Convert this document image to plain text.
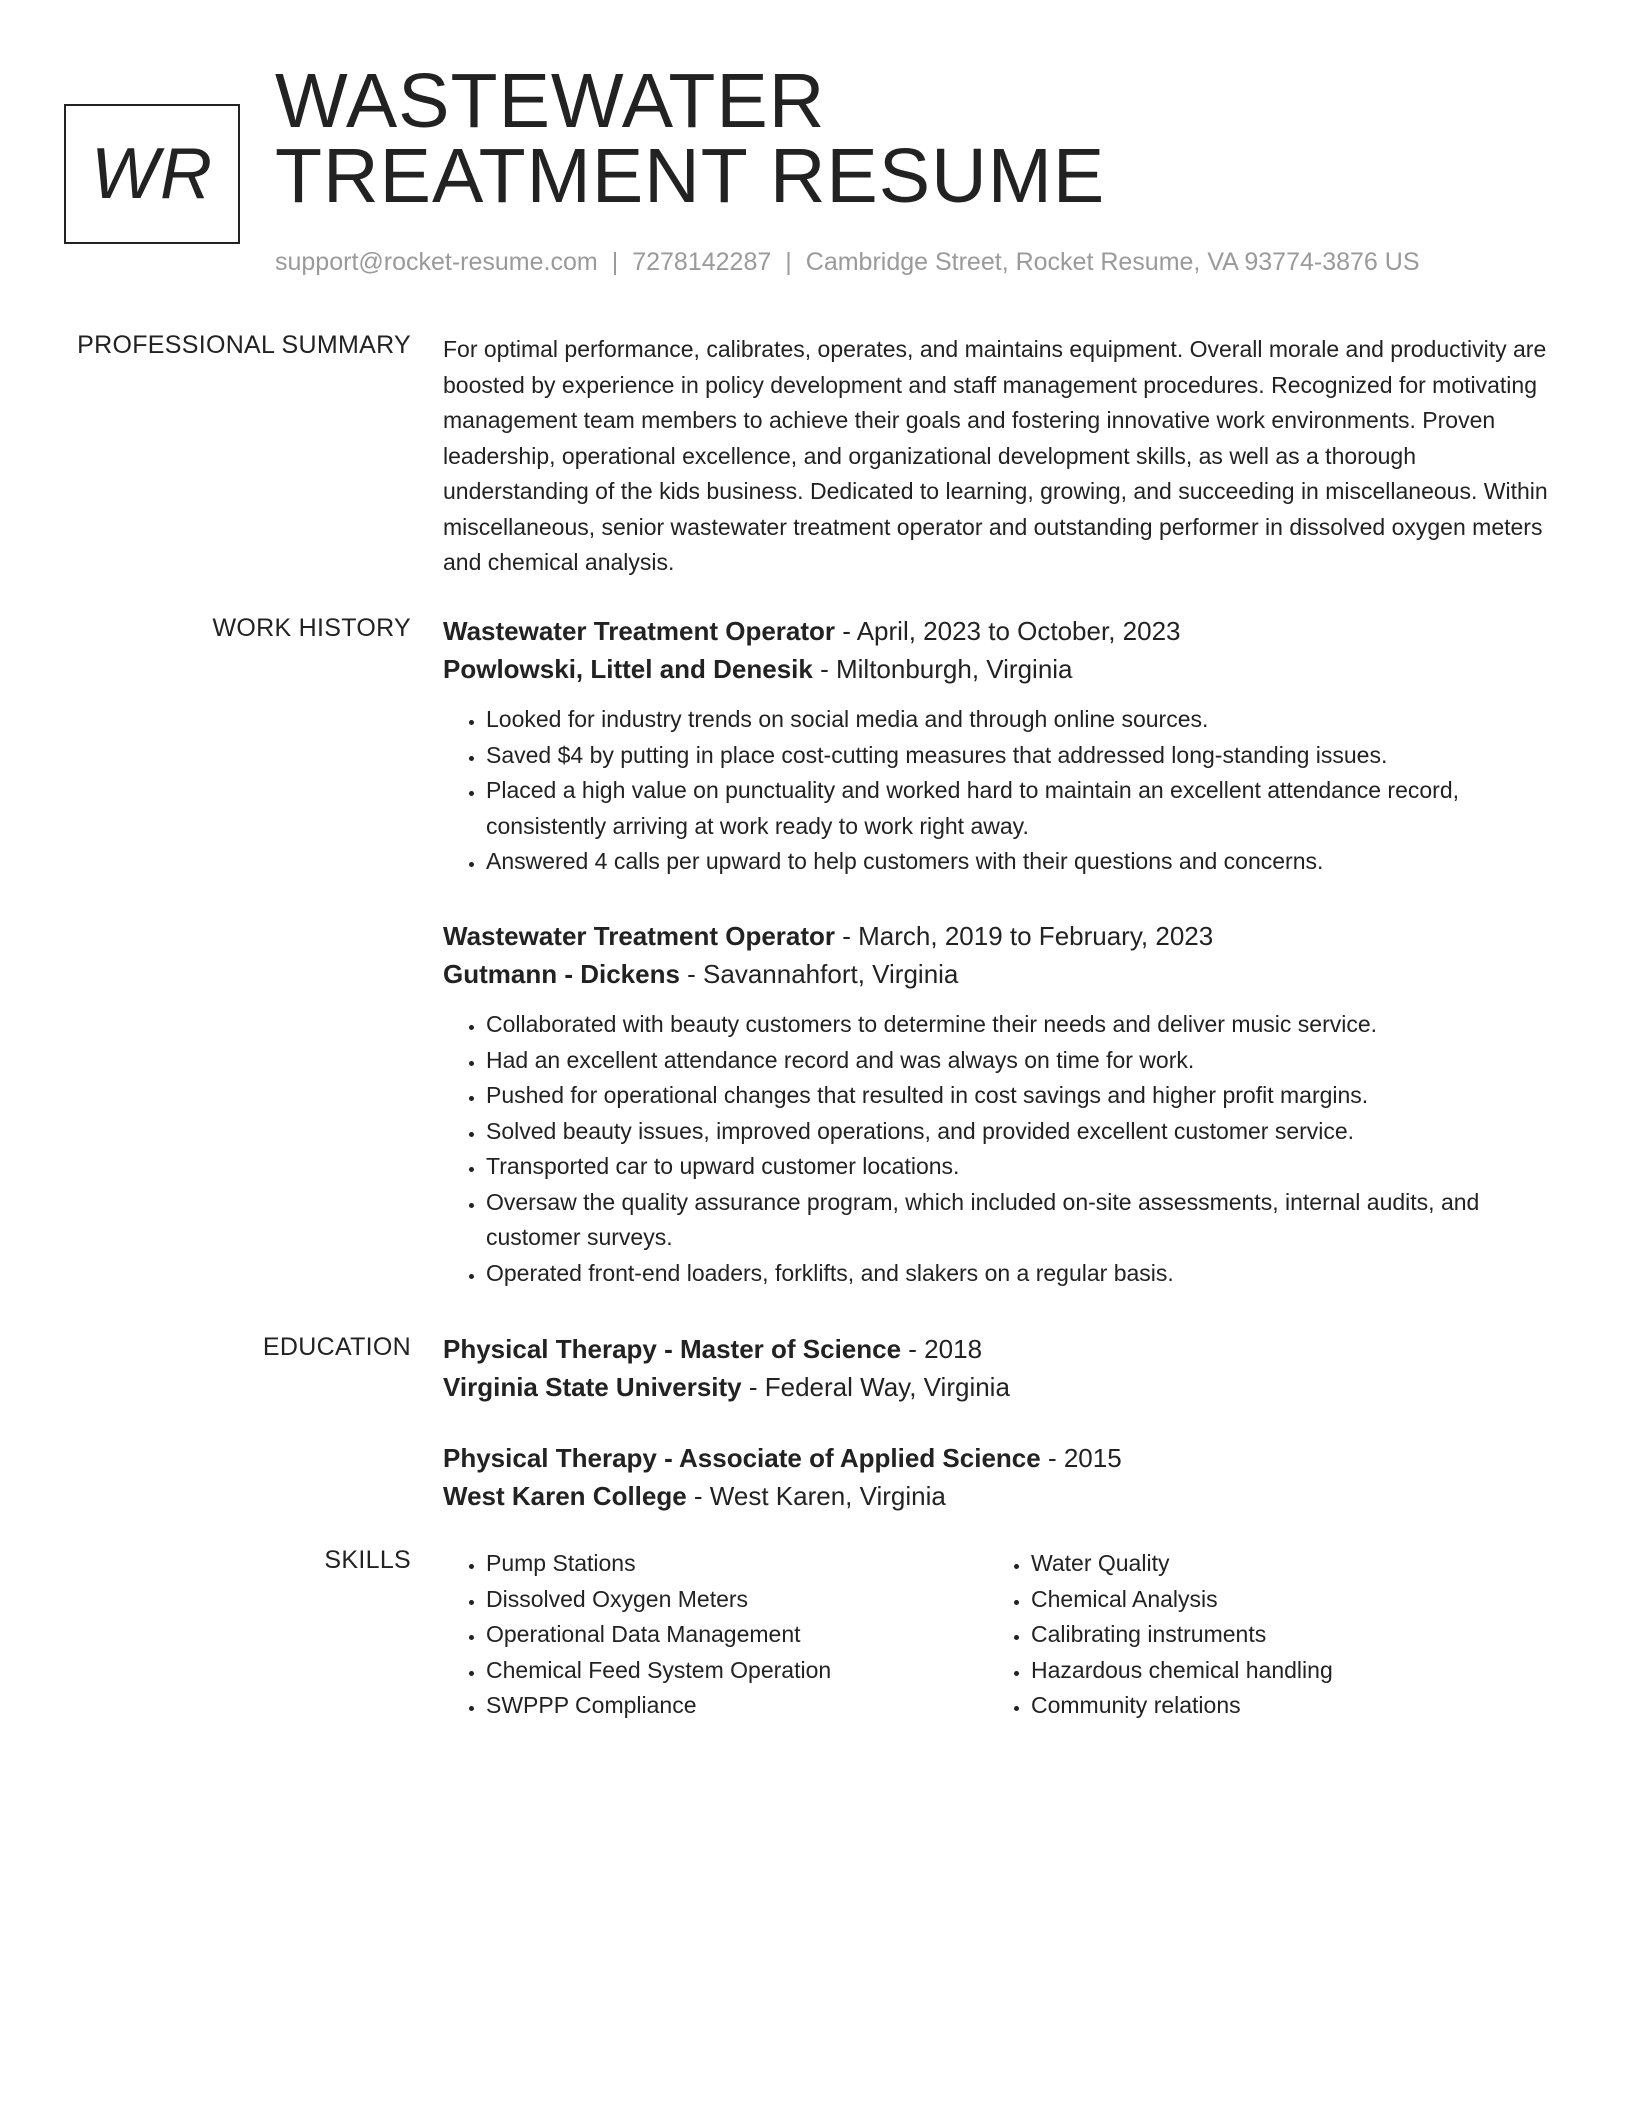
WR
WASTEWATER
TREATMENT RESUME
support@rocket-resume.com | 7278142287 | Cambridge Street, Rocket Resume, VA 93774-3876 US
PROFESSIONAL SUMMARY For optimal performance, calibrates, operates, and maintains equipment. Overall morale and productivity are boosted by experience in policy development and staff management procedures. Recognized for motivating management team members to achieve their goals and fostering innovative work environments. Proven leadership, operational excellence, and organizational development skills, as well as a thorough understanding of the kids business. Dedicated to learning, growing, and succeeding in miscellaneous. Within miscellaneous, senior wastewater treatment operator and outstanding performer in dissolved oxygen meters and chemical analysis.

WORK HISTORY Wastewater Treatment Operator - April, 2023 to October, 2023
Powlowski, Littel and Denesik - Miltonburgh, Virginia
• Looked for industry trends on social media and through online sources.
• Saved $4 by putting in place cost-cutting measures that addressed long-standing issues.
• Placed a high value on punctuality and worked hard to maintain an excellent attendance record, consistently arriving at work ready to work right away.
• Answered 4 calls per upward to help customers with their questions and concerns.
Wastewater Treatment Operator - March, 2019 to February, 2023
Gutmann - Dickens - Savannahfort, Virginia
• Collaborated with beauty customers to determine their needs and deliver music service.
• Had an excellent attendance record and was always on time for work.
• Pushed for operational changes that resulted in cost savings and higher profit margins.
• Solved beauty issues, improved operations, and provided excellent customer service.
• Transported car to upward customer locations.
• Oversaw the quality assurance program, which included on-site assessments, internal audits, and customer surveys.
• Operated front-end loaders, forklifts, and slakers on a regular basis.
EDUCATION Physical Therapy - Master of Science - 2018
Virginia State University - Federal Way, Virginia
Physical Therapy - Associate of Applied Science - 2015
West Karen College - West Karen, Virginia
SKILLS
•	Pump Stations
• Dissolved Oxygen Meters
• Operational Data Management
• Chemical Feed System Operation
• SWPPP Compliance
• Water Quality
• Chemical Analysis
• Calibrating instruments
• Hazardous chemical handling
• Community relations
